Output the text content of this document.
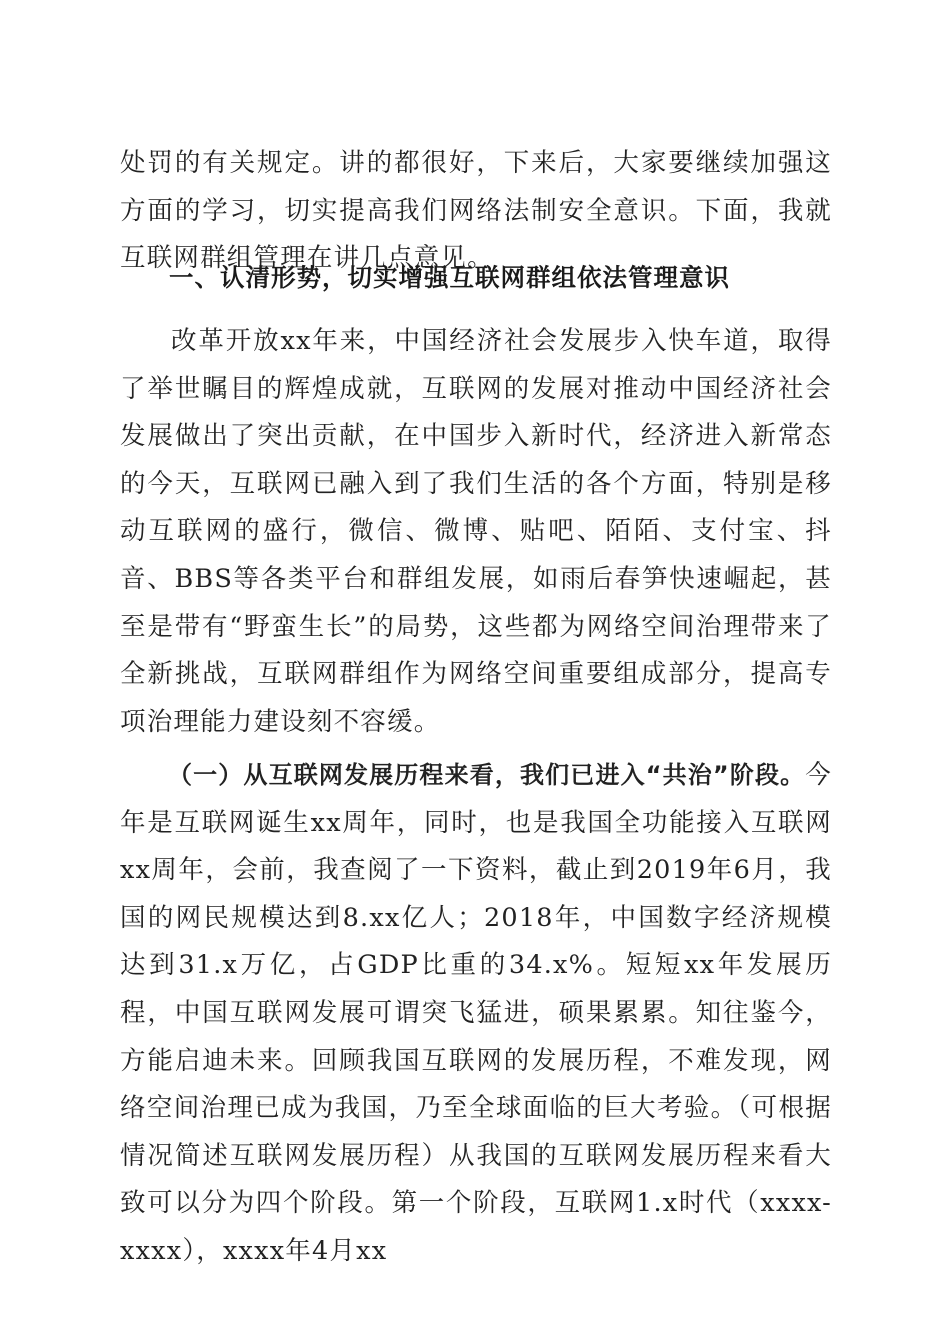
处罚的有关规定。讲的都很好，下来后，大家要继续加强这方面的学习，切实提高我们网络法制安全意识。下面，我就互联网群组管理在讲几点意见。

一、认清形势，切实增强互联网群组依法管理意识

改革开放xx年来，中国经济社会发展步入快车道，取得了举世瞩目的辉煌成就，互联网的发展对推动中国经济社会发展做出了突出贡献，在中国步入新时代，经济进入新常态的今天，互联网已融入到了我们生活的各个方面，特别是移动互联网的盛行，微信、微博、贴吧、陌陌、支付宝、抖音、BBS等各类平台和群组发展，如雨后春笋快速崛起，甚至是带有“野蛮生长”的局势，这些都为网络空间治理带来了全新挑战，互联网群组作为网络空间重要组成部分，提高专项治理能力建设刻不容缓。

（一）从互联网发展历程来看，我们已进入“共治”阶段。今年是互联网诞生xx周年，同时，也是我国全功能接入互联网xx周年，会前，我查阅了一下资料，截止到2019年6月，我国的网民规模达到8.xx亿人；2018年，中国数字经济规模达到31.x万亿，占GDP比重的34.x%。短短xx年发展历程，中国互联网发展可谓突飞猛进，硕果累累。知往鉴今，方能启迪未来。回顾我国互联网的发展历程，不难发现，网络空间治理已成为我国，乃至全球面临的巨大考验。（可根据情况简述互联网发展历程）从我国的互联网发展历程来看大致可以分为四个阶段。第一个阶段，互联网1.x时代（xxxx-xxxx），xxxx年4月xx
